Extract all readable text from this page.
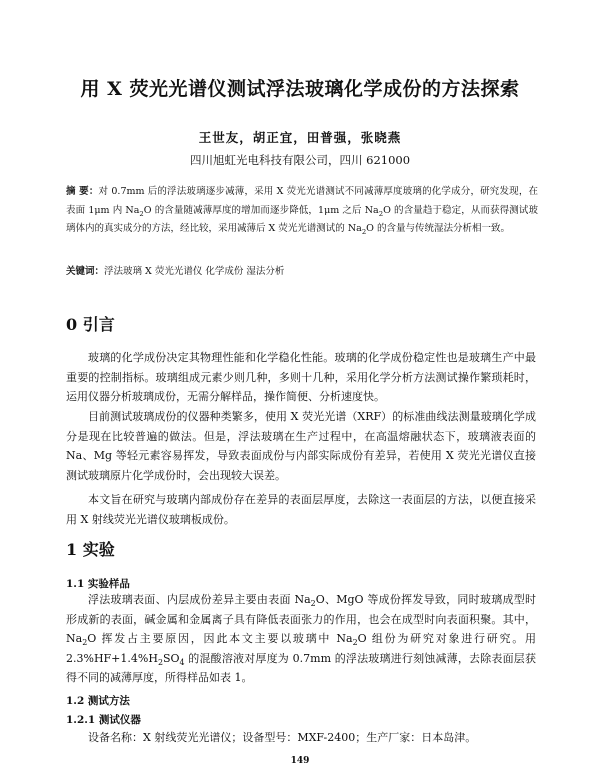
用 X 荧光光谱仪测试浮法玻璃化学成份的方法探索
王世友，胡正宜，田普强，张晓燕
四川旭虹光电科技有限公司，四川 621000
摘 要：对 0.7mm 后的浮法玻璃逐步减薄，采用 X 荧光光谱测试不同减薄厚度玻璃的化学成分，研究发现，在表面 1μm 内 $Na_2O$ 的含量随减薄厚度的增加而逐步降低，1μm 之后 $Na_2O$ 的含量趋于稳定，从而获得测试玻璃体内的真实成分的方法，经比较，采用减薄后 X 荧光光谱测试的 $Na_2O$ 的含量与传统湿法分析相一致。
关键词：浮法玻璃 X 荧光光谱仪 化学成份 湿法分析
0 引言
玻璃的化学成份决定其物理性能和化学稳化性能。玻璃的化学成份稳定性也是玻璃生产中最重要的控制指标。玻璃组成元素少则几种，多则十几种，采用化学分析方法测试操作繁琐耗时，运用仪器分析玻璃成份，无需分解样品，操作简便、分析速度快。
目前测试玻璃成份的仪器种类繁多，使用 X 荧光光谱（XRF）的标准曲线法测量玻璃化学成分是现在比较普遍的做法。但是，浮法玻璃在生产过程中，在高温熔融状态下，玻璃液表面的 Na、Mg 等轻元素容易挥发，导致表面成份与内部实际成份有差异，若使用 X 荧光光谱仪直接测试玻璃原片化学成份时，会出现较大误差。
本文旨在研究与玻璃内部成份存在差异的表面层厚度，去除这一表面层的方法，以便直接采用 X 射线荧光光谱仪玻璃板成份。
1 实验
1.1 实验样品
浮法玻璃表面、内层成份差异主要由表面 $Na_2O$、MgO 等成份挥发导致，同时玻璃成型时形成新的表面，碱金属和金属离子具有降低表面张力的作用，也会在成型时向表面积聚。其中，$Na_2O$ 挥发占主要原因，因此本文主要以玻璃中 $Na_2O$ 组份为研究对象进行研究。用 $2.3\%HF+1.4\%H_2SO_4$ 的混酸溶液对厚度为 0.7mm 的浮法玻璃进行刻蚀减薄，去除表面层获得不同的减薄厚度，所得样品如表 1。
1.2 测试方法
1.2.1 测试仪器
设备名称：X 射线荧光光谱仪；设备型号：MXF-2400；生产厂家：日本岛津。
149
